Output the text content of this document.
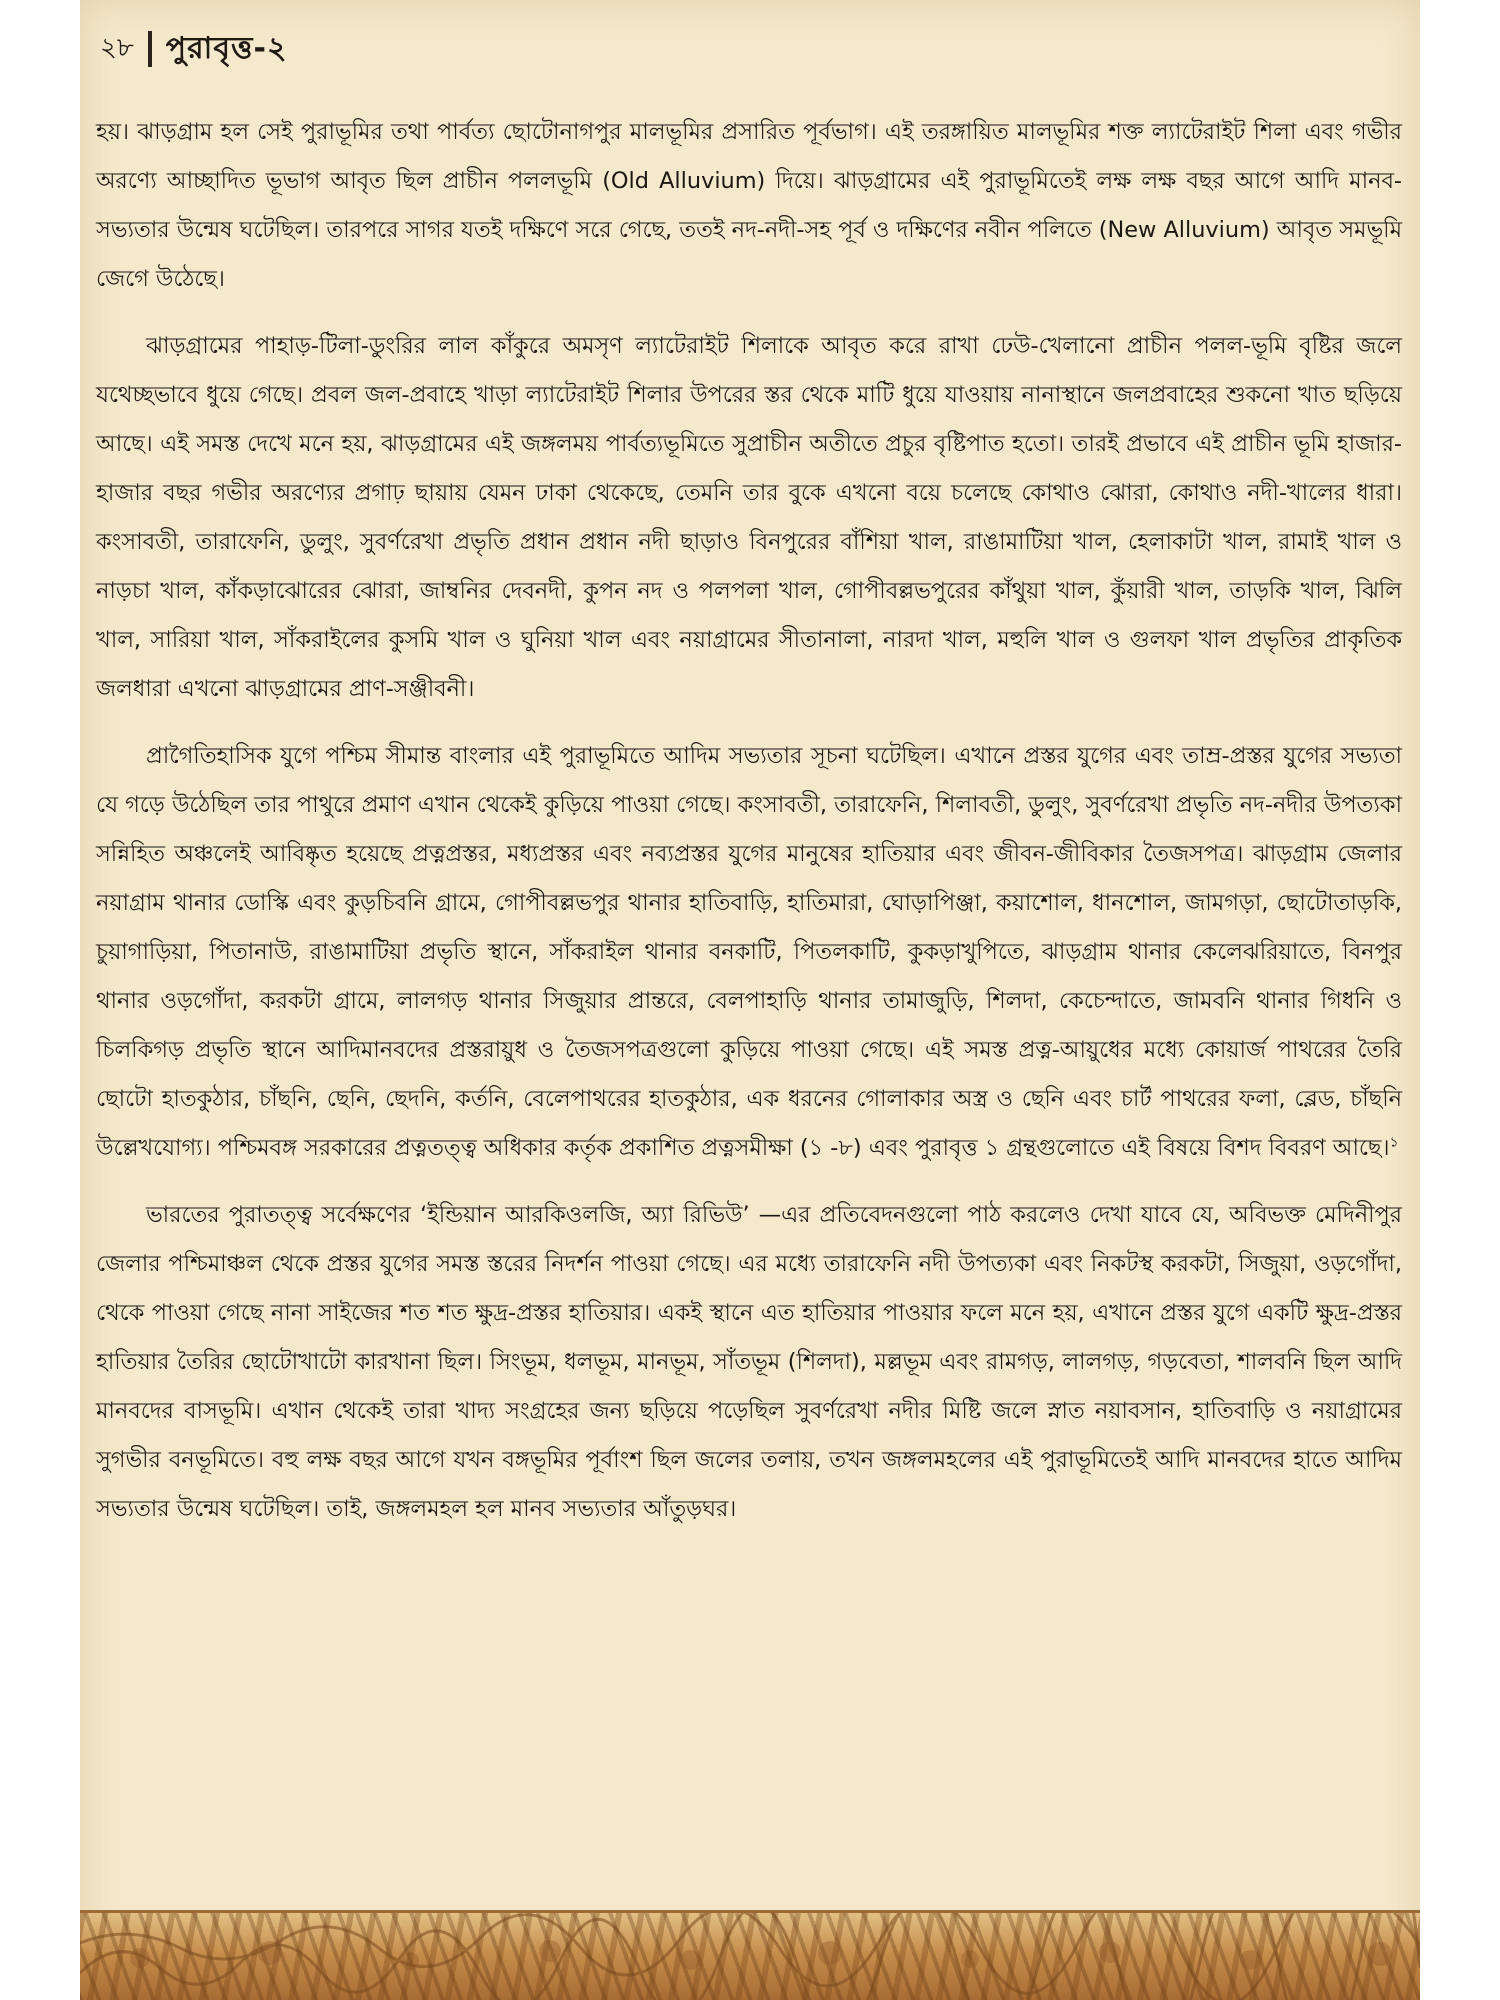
২৮ পুরাবৃত্ত-২

হয়। ঝাড়গ্রাম হল সেই পুরাভূমির তথা পার্বত্য ছোটোনাগপুর মালভূমির প্রসারিত পূর্বভাগ। এই তরঙ্গায়িত মালভূমির শক্ত ল্যাটেরাইট শিলা এবং গভীর অরণ্যে আচ্ছাদিত ভূভাগ আবৃত ছিল প্রাচীন পললভূমি (Old Alluvium) দিয়ে। ঝাড়গ্রামের এই পুরাভূমিতেই লক্ষ লক্ষ বছর আগে আদি মানব-সভ্যতার উন্মেষ ঘটেছিল। তারপরে সাগর যতই দক্ষিণে সরে গেছে, ততই নদ-নদী-সহ পূর্ব ও দক্ষিণের নবীন পলিতে (New Alluvium) আবৃত সমভূমি জেগে উঠেছে।

ঝাড়গ্রামের পাহাড়-টিলা-ডুংরির লাল কাঁকুরে অমসৃণ ল্যাটেরাইট শিলাকে আবৃত করে রাখা ঢেউ-খেলানো প্রাচীন পলল-ভূমি বৃষ্টির জলে যথেচ্ছভাবে ধুয়ে গেছে। প্রবল জল-প্রবাহে খাড়া ল্যাটেরাইট শিলার উপরের স্তর থেকে মাটি ধুয়ে যাওয়ায় নানাস্থানে জলপ্রবাহের শুকনো খাত ছড়িয়ে আছে। এই সমস্ত দেখে মনে হয়, ঝাড়গ্রামের এই জঙ্গলময় পার্বত্যভূমিতে সুপ্রাচীন অতীতে প্রচুর বৃষ্টিপাত হতো। তারই প্রভাবে এই প্রাচীন ভূমি হাজার-হাজার বছর গভীর অরণ্যের প্রগাঢ় ছায়ায় যেমন ঢাকা থেকেছে, তেমনি তার বুকে এখনো বয়ে চলেছে কোথাও ঝোরা, কোথাও নদী-খালের ধারা। কংসাবতী, তারাফেনি, ডুলুং, সুবর্ণরেখা প্রভৃতি প্রধান প্রধান নদী ছাড়াও বিনপুরের বাঁশিয়া খাল, রাঙামাটিয়া খাল, হেলাকাটা খাল, রামাই খাল ও নাড়চা খাল, কাঁকড়াঝোরের ঝোরা, জাম্বনির দেবনদী, কুপন নদ ও পলপলা খাল, গোপীবল্লভপুরের কাঁথুয়া খাল, কুঁয়ারী খাল, তাড়কি খাল, ঝিলি খাল, সারিয়া খাল, সাঁকরাইলের কুসমি খাল ও ঘুনিয়া খাল এবং নয়াগ্রামের সীতানালা, নারদা খাল, মহুলি খাল ও গুলফা খাল প্রভৃতির প্রাকৃতিক জলধারা এখনো ঝাড়গ্রামের প্রাণ-সঞ্জীবনী।

প্রাগৈতিহাসিক যুগে পশ্চিম সীমান্ত বাংলার এই পুরাভূমিতে আদিম সভ্যতার সূচনা ঘটেছিল। এখানে প্রস্তর যুগের এবং তাম্র-প্রস্তর যুগের সভ্যতা যে গড়ে উঠেছিল তার পাথুরে প্রমাণ এখান থেকেই কুড়িয়ে পাওয়া গেছে। কংসাবতী, তারাফেনি, শিলাবতী, ডুলুং, সুবর্ণরেখা প্রভৃতি নদ-নদীর উপত্যকা সন্নিহিত অঞ্চলেই আবিষ্কৃত হয়েছে প্রত্নপ্রস্তর, মধ্যপ্রস্তর এবং নব্যপ্রস্তর যুগের মানুষের হাতিয়ার এবং জীবন-জীবিকার তৈজসপত্র। ঝাড়গ্রাম জেলার নয়াগ্রাম থানার ডোস্কি এবং কুড়চিবনি গ্রামে, গোপীবল্লভপুর থানার হাতিবাড়ি, হাতিমারা, ঘোড়াপিঞ্জা, কয়াশোল, ধানশোল, জামগড়া, ছোটোতাড়কি, চুয়াগাড়িয়া, পিতানাউ, রাঙামাটিয়া প্রভৃতি স্থানে, সাঁকরাইল থানার বনকাটি, পিতলকাটি, কুকড়াখুপিতে, ঝাড়গ্রাম থানার কেলেঝরিয়াতে, বিনপুর থানার ওড়গোঁদা, করকটা গ্রামে, লালগড় থানার সিজুয়ার প্রান্তরে, বেলপাহাড়ি থানার তামাজুড়ি, শিলদা, কেচেন্দাতে, জামবনি থানার গিধনি ও চিলকিগড় প্রভৃতি স্থানে আদিমানবদের প্রস্তরায়ুধ ও তৈজসপত্রগুলো কুড়িয়ে পাওয়া গেছে। এই সমস্ত প্রত্ন-আয়ুধের মধ্যে কোয়ার্জ পাথরের তৈরি ছোটো হাতকুঠার, চাঁছনি, ছেনি, ছেদনি, কর্তনি, বেলেপাথরের হাতকুঠার, এক ধরনের গোলাকার অস্ত্র ও ছেনি এবং চার্ট পাথরের ফলা, ব্লেড, চাঁছনি উল্লেখযোগ্য। পশ্চিমবঙ্গ সরকারের প্রত্নতত্ত্ব অধিকার কর্তৃক প্রকাশিত প্রত্নসমীক্ষা (১ -৮) এবং পুরাবৃত্ত ১ গ্রন্থগুলোতে এই বিষয়ে বিশদ বিবরণ আছে।$^১$

ভারতের পুরাতত্ত্ব সর্বেক্ষণের ‘ইন্ডিয়ান আরকিওলজি, অ্যা রিভিউ’ —এর প্রতিবেদনগুলো পাঠ করলেও দেখা যাবে যে, অবিভক্ত মেদিনীপুর জেলার পশ্চিমাঞ্চল থেকে প্রস্তর যুগের সমস্ত স্তরের নিদর্শন পাওয়া গেছে। এর মধ্যে তারাফেনি নদী উপত্যকা এবং নিকটস্থ করকটা, সিজুয়া, ওড়গোঁদা, থেকে পাওয়া গেছে নানা সাইজের শত শত ক্ষুদ্র-প্রস্তর হাতিয়ার। একই স্থানে এত হাতিয়ার পাওয়ার ফলে মনে হয়, এখানে প্রস্তর যুগে একটি ক্ষুদ্র-প্রস্তর হাতিয়ার তৈরির ছোটোখাটো কারখানা ছিল। সিংভূম, ধলভূম, মানভূম, সাঁতভূম (শিলদা), মল্লভূম এবং রামগড়, লালগড়, গড়বেতা, শালবনি ছিল আদি মানবদের বাসভূমি। এখান থেকেই তারা খাদ্য সংগ্রহের জন্য ছড়িয়ে পড়েছিল সুবর্ণরেখা নদীর মিষ্টি জলে স্নাত নয়াবসান, হাতিবাড়ি ও নয়াগ্রামের সুগভীর বনভূমিতে। বহু লক্ষ বছর আগে যখন বঙ্গভূমির পূর্বাংশ ছিল জলের তলায়, তখন জঙ্গলমহলের এই পুরাভূমিতেই আদি মানবদের হাতে আদিম সভ্যতার উন্মেষ ঘটেছিল। তাই, জঙ্গলমহল হল মানব সভ্যতার আঁতুড়ঘর।
